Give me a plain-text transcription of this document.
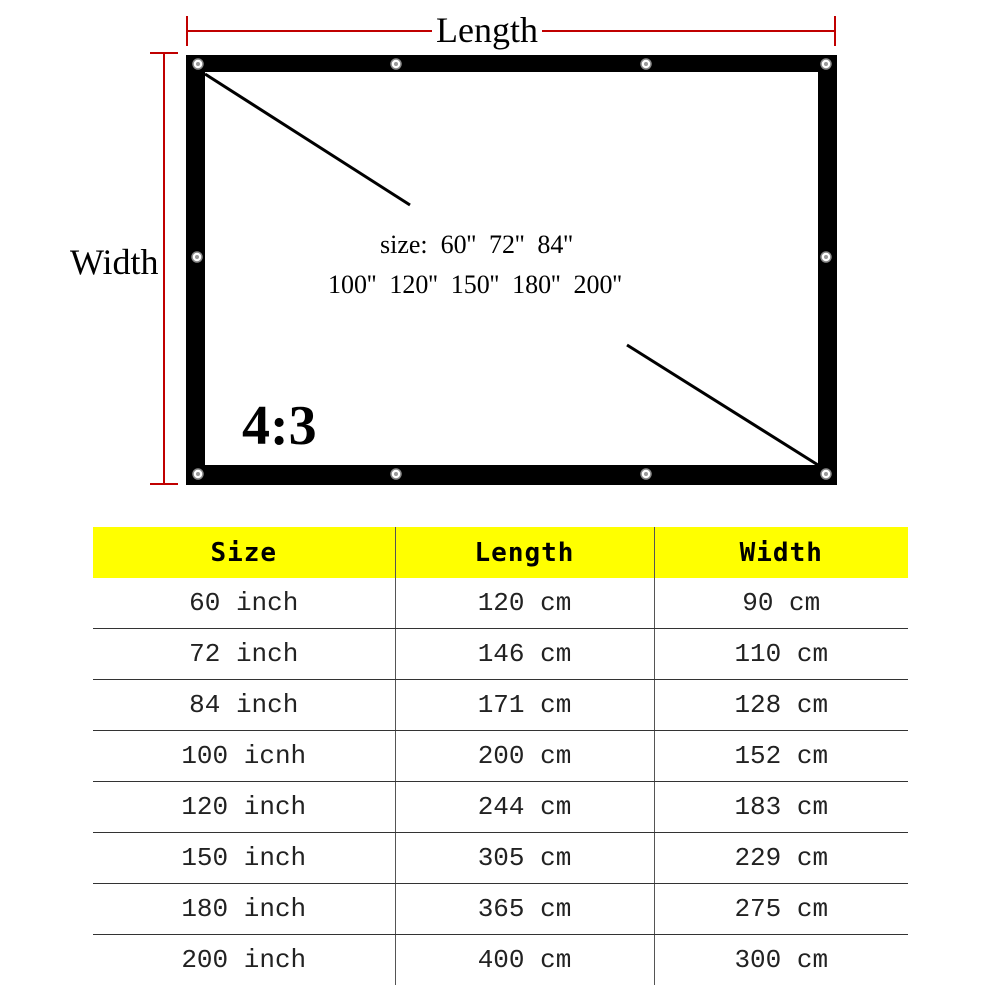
Length
Width	size:  60''  72''  84''
100''  120''  150''  180''  200''
4:3
Size	Length	Width
60 inch	120 cm	90 cm
72 inch	146 cm	110 cm
84 inch	171 cm	128 cm
100 icnh	200 cm	152 cm
120 inch	244 cm	183 cm
150 inch	305 cm	229 cm
180 inch	365 cm	275 cm
200 inch	400 cm	300 cm
